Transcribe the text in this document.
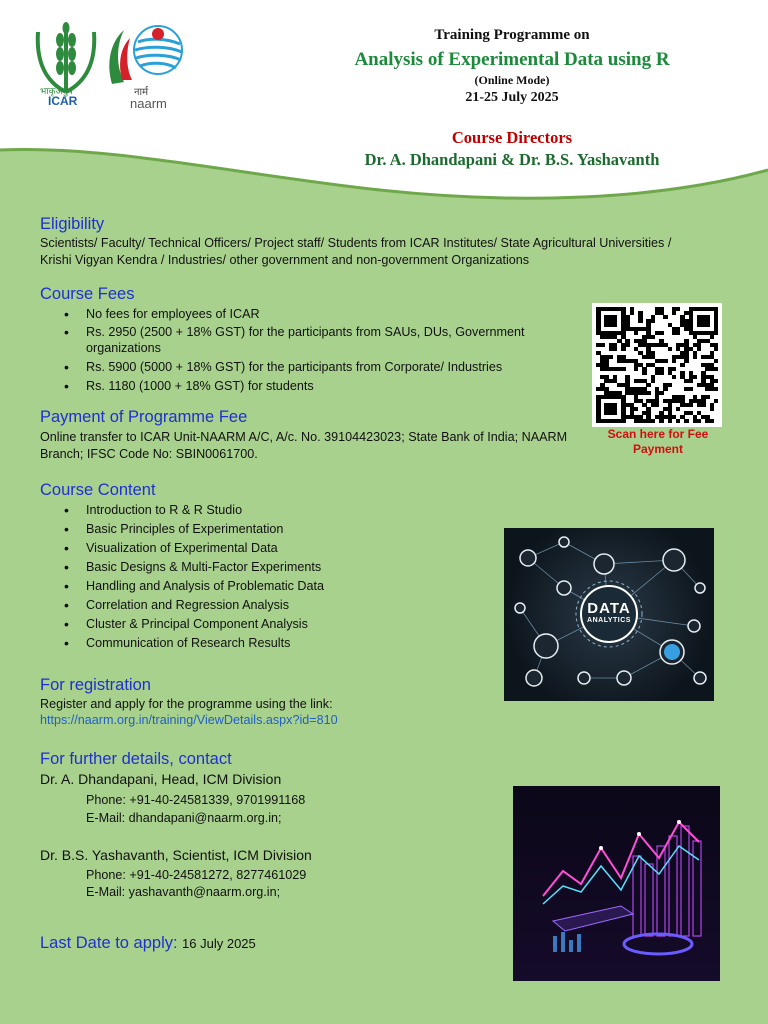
भाकृअनुप
ICAR
नार्म
naarm
Training Programme on
Analysis of Experimental Data using R
(Online Mode)
21-25 July 2025
Course Directors
Dr. A. Dhandapani & Dr. B.S. Yashavanth
Eligibility
Scientists/ Faculty/ Technical Officers/ Project staff/ Students from ICAR Institutes/ State Agricultural Universities / Krishi Vigyan Kendra / Industries/ other government and non-government Organizations
Course Fees
• No fees for employees of ICAR
• Rs. 2950 (2500 + 18% GST) for the participants from SAUs, DUs, Government organizations
• Rs. 5900 (5000 + 18% GST) for the participants from Corporate/ Industries
• Rs. 1180 (1000 + 18% GST) for students
Scan here for Fee Payment
Payment of Programme Fee
Online transfer to ICAR Unit-NAARM A/C, A/c. No. 39104423023; State Bank of India; NAARM Branch; IFSC Code No: SBIN0061700.
Course Content
• Introduction to R & R Studio
• Basic Principles of Experimentation
• Visualization of Experimental Data
• Basic Designs & Multi-Factor Experiments
• Handling and Analysis of Problematic Data
• Correlation and Regression Analysis
• Cluster & Principal Component Analysis
• Communication of Research Results
DATA
ANALYTICS
For registration
Register and apply for the programme using the link:
https://naarm.org.in/training/ViewDetails.aspx?id=810
For further details, contact
Dr. A. Dhandapani, Head, ICM Division
Phone: +91-40-24581339, 9701991168
E-Mail: dhandapani@naarm.org.in;
Dr. B.S. Yashavanth, Scientist, ICM Division
Phone: +91-40-24581272, 8277461029
E-Mail: yashavanth@naarm.org.in;
Last Date to apply: 16 July 2025
